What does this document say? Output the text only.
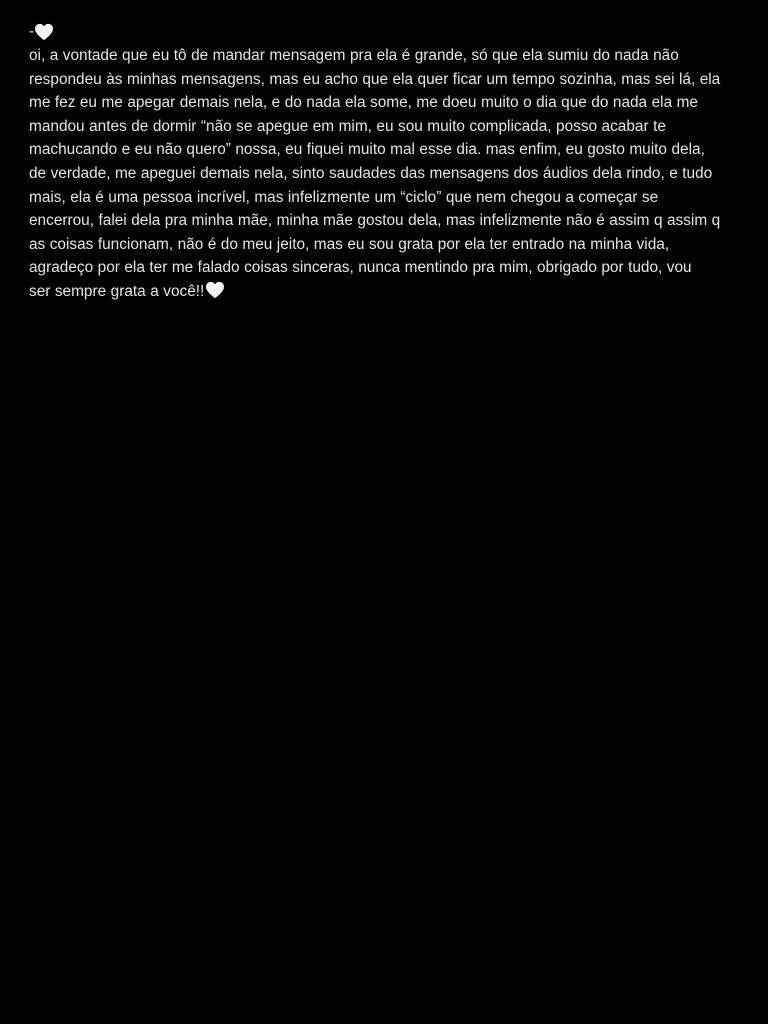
-
oi, a vontade que eu tô de mandar mensagem pra ela é grande, só que ela sumiu do nada não
respondeu às minhas mensagens, mas eu acho que ela quer ficar um tempo sozinha, mas sei lá, ela
me fez eu me apegar demais nela, e do nada ela some, me doeu muito o dia que do nada ela me
mandou antes de dormir “não se apegue em mim, eu sou muito complicada, posso acabar te
machucando e eu não quero” nossa, eu fiquei muito mal esse dia. mas enfim, eu gosto muito dela,
de verdade, me apeguei demais nela, sinto saudades das mensagens dos áudios dela rindo, e tudo
mais, ela é uma pessoa incrível, mas infelizmente um “ciclo” que nem chegou a começar se
encerrou, falei dela pra minha mãe, minha mãe gostou dela, mas infelizmente não é assim q assim q
as coisas funcionam, não é do meu jeito, mas eu sou grata por ela ter entrado na minha vida,
agradeço por ela ter me falado coisas sinceras, nunca mentindo pra mim, obrigado por tudo, vou
ser sempre grata a você!!
